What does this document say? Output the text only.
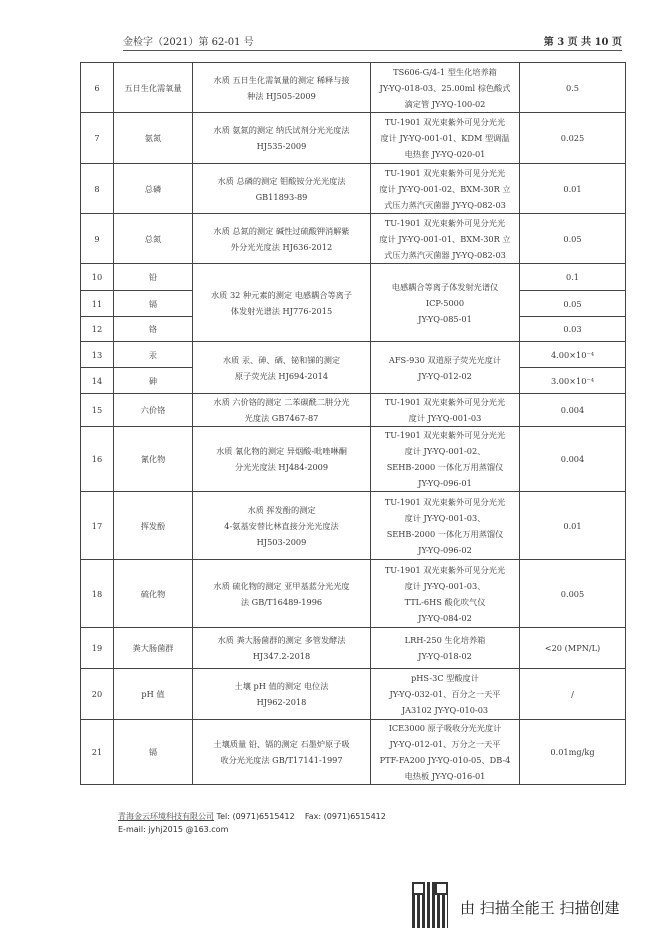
金检字（2021）第 62-01 号	第 3 页 共 10 页
6	五日生化需氧量	水质 五日生化需氧量的测定 稀释与接
种法 HJ505-2009	TS606-G/4-1 型生化培养箱
JY-YQ-018-03、25.00ml 棕色酸式
滴定管 JY-YQ-100-02	0.5
7	氨氮	水质 氨氮的测定 纳氏试剂分光光度法
HJ535-2009	TU-1901 双光束紫外可见分光光
度计 JY-YQ-001-01、KDM 型调温
电热套 JY-YQ-020-01	0.025
8	总磷	水质 总磷的测定 钼酸铵分光光度法
GB11893-89	TU-1901 双光束紫外可见分光光
度计 JY-YQ-001-02、BXM-30R 立
式压力蒸汽灭菌器 JY-YQ-082-03	0.01
9	总氮	水质 总氮的测定 碱性过硫酸钾消解紫
外分光光度法 HJ636-2012	TU-1901 双光束紫外可见分光光
度计 JY-YQ-001-01、BXM-30R 立
式压力蒸汽灭菌器 JY-YQ-082-03	0.05
10	铅	水质 32 种元素的测定 电感耦合等离子
体发射光谱法 HJ776-2015	电感耦合等离子体发射光谱仪
ICP-5000
JY-YQ-085-01	0.1
11	镉			0.05
12	铬			0.03
13	汞	水质 汞、砷、硒、铋和锑的测定
原子荧光法 HJ694-2014	AFS-930 双道原子荧光光度计
JY-YQ-012-02	4.00×10⁻⁴
14	砷			3.00×10⁻⁴
15	六价铬	水质 六价铬的测定 二苯碳酰二肼分光
光度法 GB7467-87	TU-1901 双光束紫外可见分光光
度计 JY-YQ-001-03	0.004
16	氰化物	水质 氰化物的测定 异烟酸-吡唑啉酮
分光光度法 HJ484-2009	TU-1901 双光束紫外可见分光光
度计 JY-YQ-001-02、
SEHB-2000 一体化万用蒸馏仪
JY-YQ-096-01	0.004
17	挥发酚	水质 挥发酚的测定
4-氨基安替比林直接分光光度法
HJ503-2009	TU-1901 双光束紫外可见分光光
度计 JY-YQ-001-03、
SEHB-2000 一体化万用蒸馏仪
JY-YQ-096-02	0.01
18	硫化物	水质 硫化物的测定 亚甲基蓝分光光度
法 GB/T16489-1996	TU-1901 双光束紫外可见分光光
度计 JY-YQ-001-03、
TTL-6HS 酸化吹气仪
JY-YQ-084-02	0.005
19	粪大肠菌群	水质 粪大肠菌群的测定 多管发酵法
HJ347.2-2018	LRH-250 生化培养箱
JY-YQ-018-02	<20 (MPN/L)
20	pH 值	土壤 pH 值的测定 电位法
HJ962-2018	pHS-3C 型酸度计
JY-YQ-032-01、百分之一天平
JA3102 JY-YQ-010-03	/
21	镉	土壤质量 铅、镉的测定 石墨炉原子吸
收分光光度法 GB/T17141-1997	ICE3000 原子吸收分光光度计
JY-YQ-012-01、万分之一天平
PTF-FA200 JY-YQ-010-05、DB-4
电热板 JY-YQ-016-01	0.01mg/kg
青海金云环境科技有限公司 Tel: (0971)6515412 Fax: (0971)6515412
E-mail: jyhj2015 @163.com
由 扫描全能王 扫描创建
